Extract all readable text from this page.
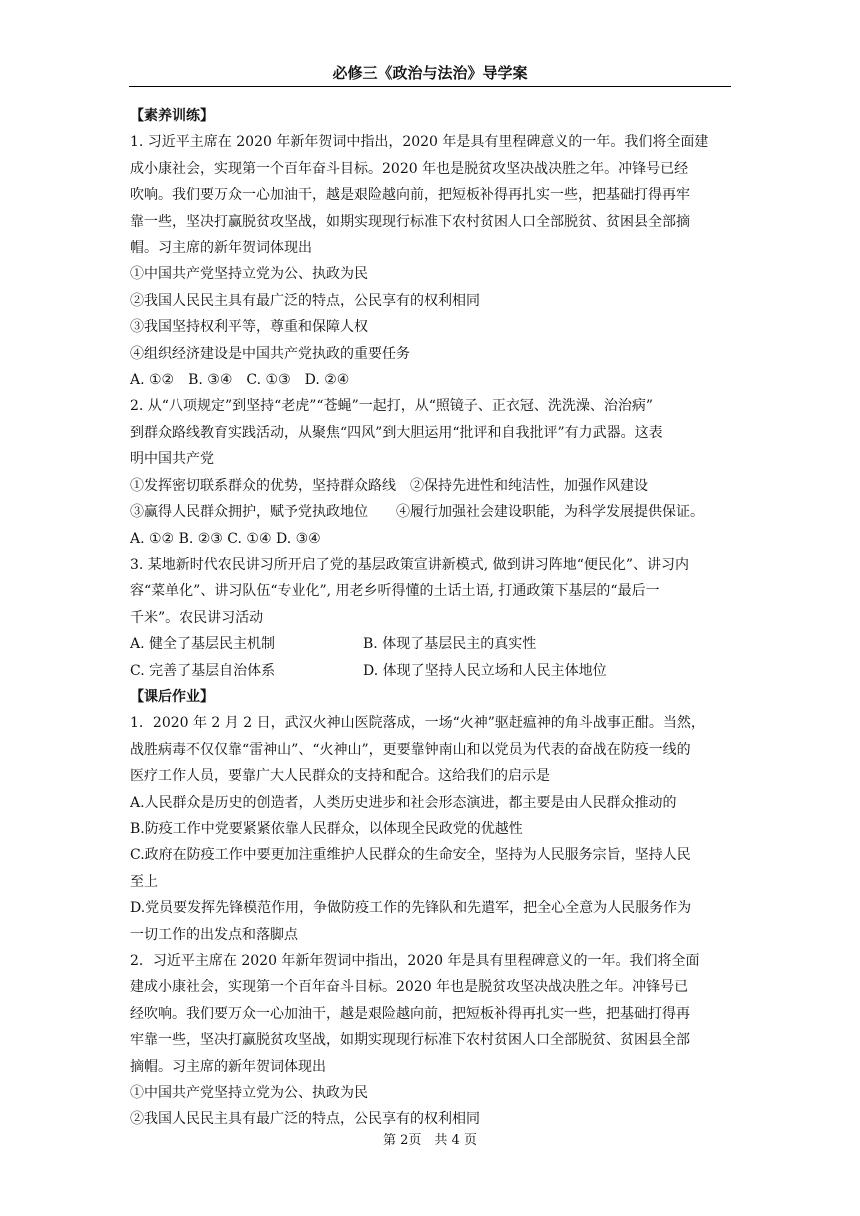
必修三《政治与法治》导学案
【素养训练】
1. 习近平主席在 2020 年新年贺词中指出，2020 年是具有里程碑意义的一年。我们将全面建
成小康社会，实现第一个百年奋斗目标。2020 年也是脱贫攻坚决战决胜之年。冲锋号已经
吹响。我们要万众一心加油干，越是艰险越向前，把短板补得再扎实一些，把基础打得再牢
靠一些，坚决打赢脱贫攻坚战，如期实现现行标准下农村贫困人口全部脱贫、贫困县全部摘
帽。习主席的新年贺词体现出
①中国共产党坚持立党为公、执政为民
②我国人民民主具有最广泛的特点，公民享有的权利相同
③我国坚持权利平等，尊重和保障人权
④组织经济建设是中国共产党执政的重要任务
A. ①②　B. ③④　C. ①③　D. ②④
2. 从“八项规定”到坚持“老虎”“苍蝇”一起打，从“照镜子、正衣冠、洗洗澡、治治病”
到群众路线教育实践活动，从聚焦“四风”到大胆运用“批评和自我批评”有力武器。这表
明中国共产党
①发挥密切联系群众的优势，坚持群众路线　②保持先进性和纯洁性，加强作风建设
③赢得人民群众拥护，赋予党执政地位　　④履行加强社会建设职能，为科学发展提供保证。
A. ①② B. ②③ C. ①④ D. ③④
3. 某地新时代农民讲习所开启了党的基层政策宣讲新模式, 做到讲习阵地“便民化”、讲习内
容“菜单化”、讲习队伍“专业化”, 用老乡听得懂的土话土语, 打通政策下基层的“最后一
千米”。农民讲习活动
A. 健全了基层民主机制	B. 体现了基层民主的真实性
C. 完善了基层自治体系	D. 体现了坚持人民立场和人民主体地位
【课后作业】
1．2020 年 2 月 2 日，武汉火神山医院落成，一场“火神”驱赶瘟神的角斗战事正酣。当然，
战胜病毒不仅仅靠“雷神山”、“火神山”，更要靠钟南山和以党员为代表的奋战在防疫一线的
医疗工作人员，要靠广大人民群众的支持和配合。这给我们的启示是
A.人民群众是历史的创造者，人类历史进步和社会形态演进，都主要是由人民群众推动的
B.防疫工作中党要紧紧依靠人民群众，以体现全民政党的优越性
C.政府在防疫工作中要更加注重维护人民群众的生命安全，坚持为人民服务宗旨，坚持人民
至上
D.党员要发挥先锋模范作用，争做防疫工作的先锋队和先遣军，把全心全意为人民服务作为
一切工作的出发点和落脚点
2．习近平主席在 2020 年新年贺词中指出，2020 年是具有里程碑意义的一年。我们将全面
建成小康社会，实现第一个百年奋斗目标。2020 年也是脱贫攻坚决战决胜之年。冲锋号已
经吹响。我们要万众一心加油干，越是艰险越向前，把短板补得再扎实一些，把基础打得再
牢靠一些，坚决打赢脱贫攻坚战，如期实现现行标准下农村贫困人口全部脱贫、贫困县全部
摘帽。习主席的新年贺词体现出
①中国共产党坚持立党为公、执政为民
②我国人民民主具有最广泛的特点，公民享有的权利相同
第 2页　共 4 页
